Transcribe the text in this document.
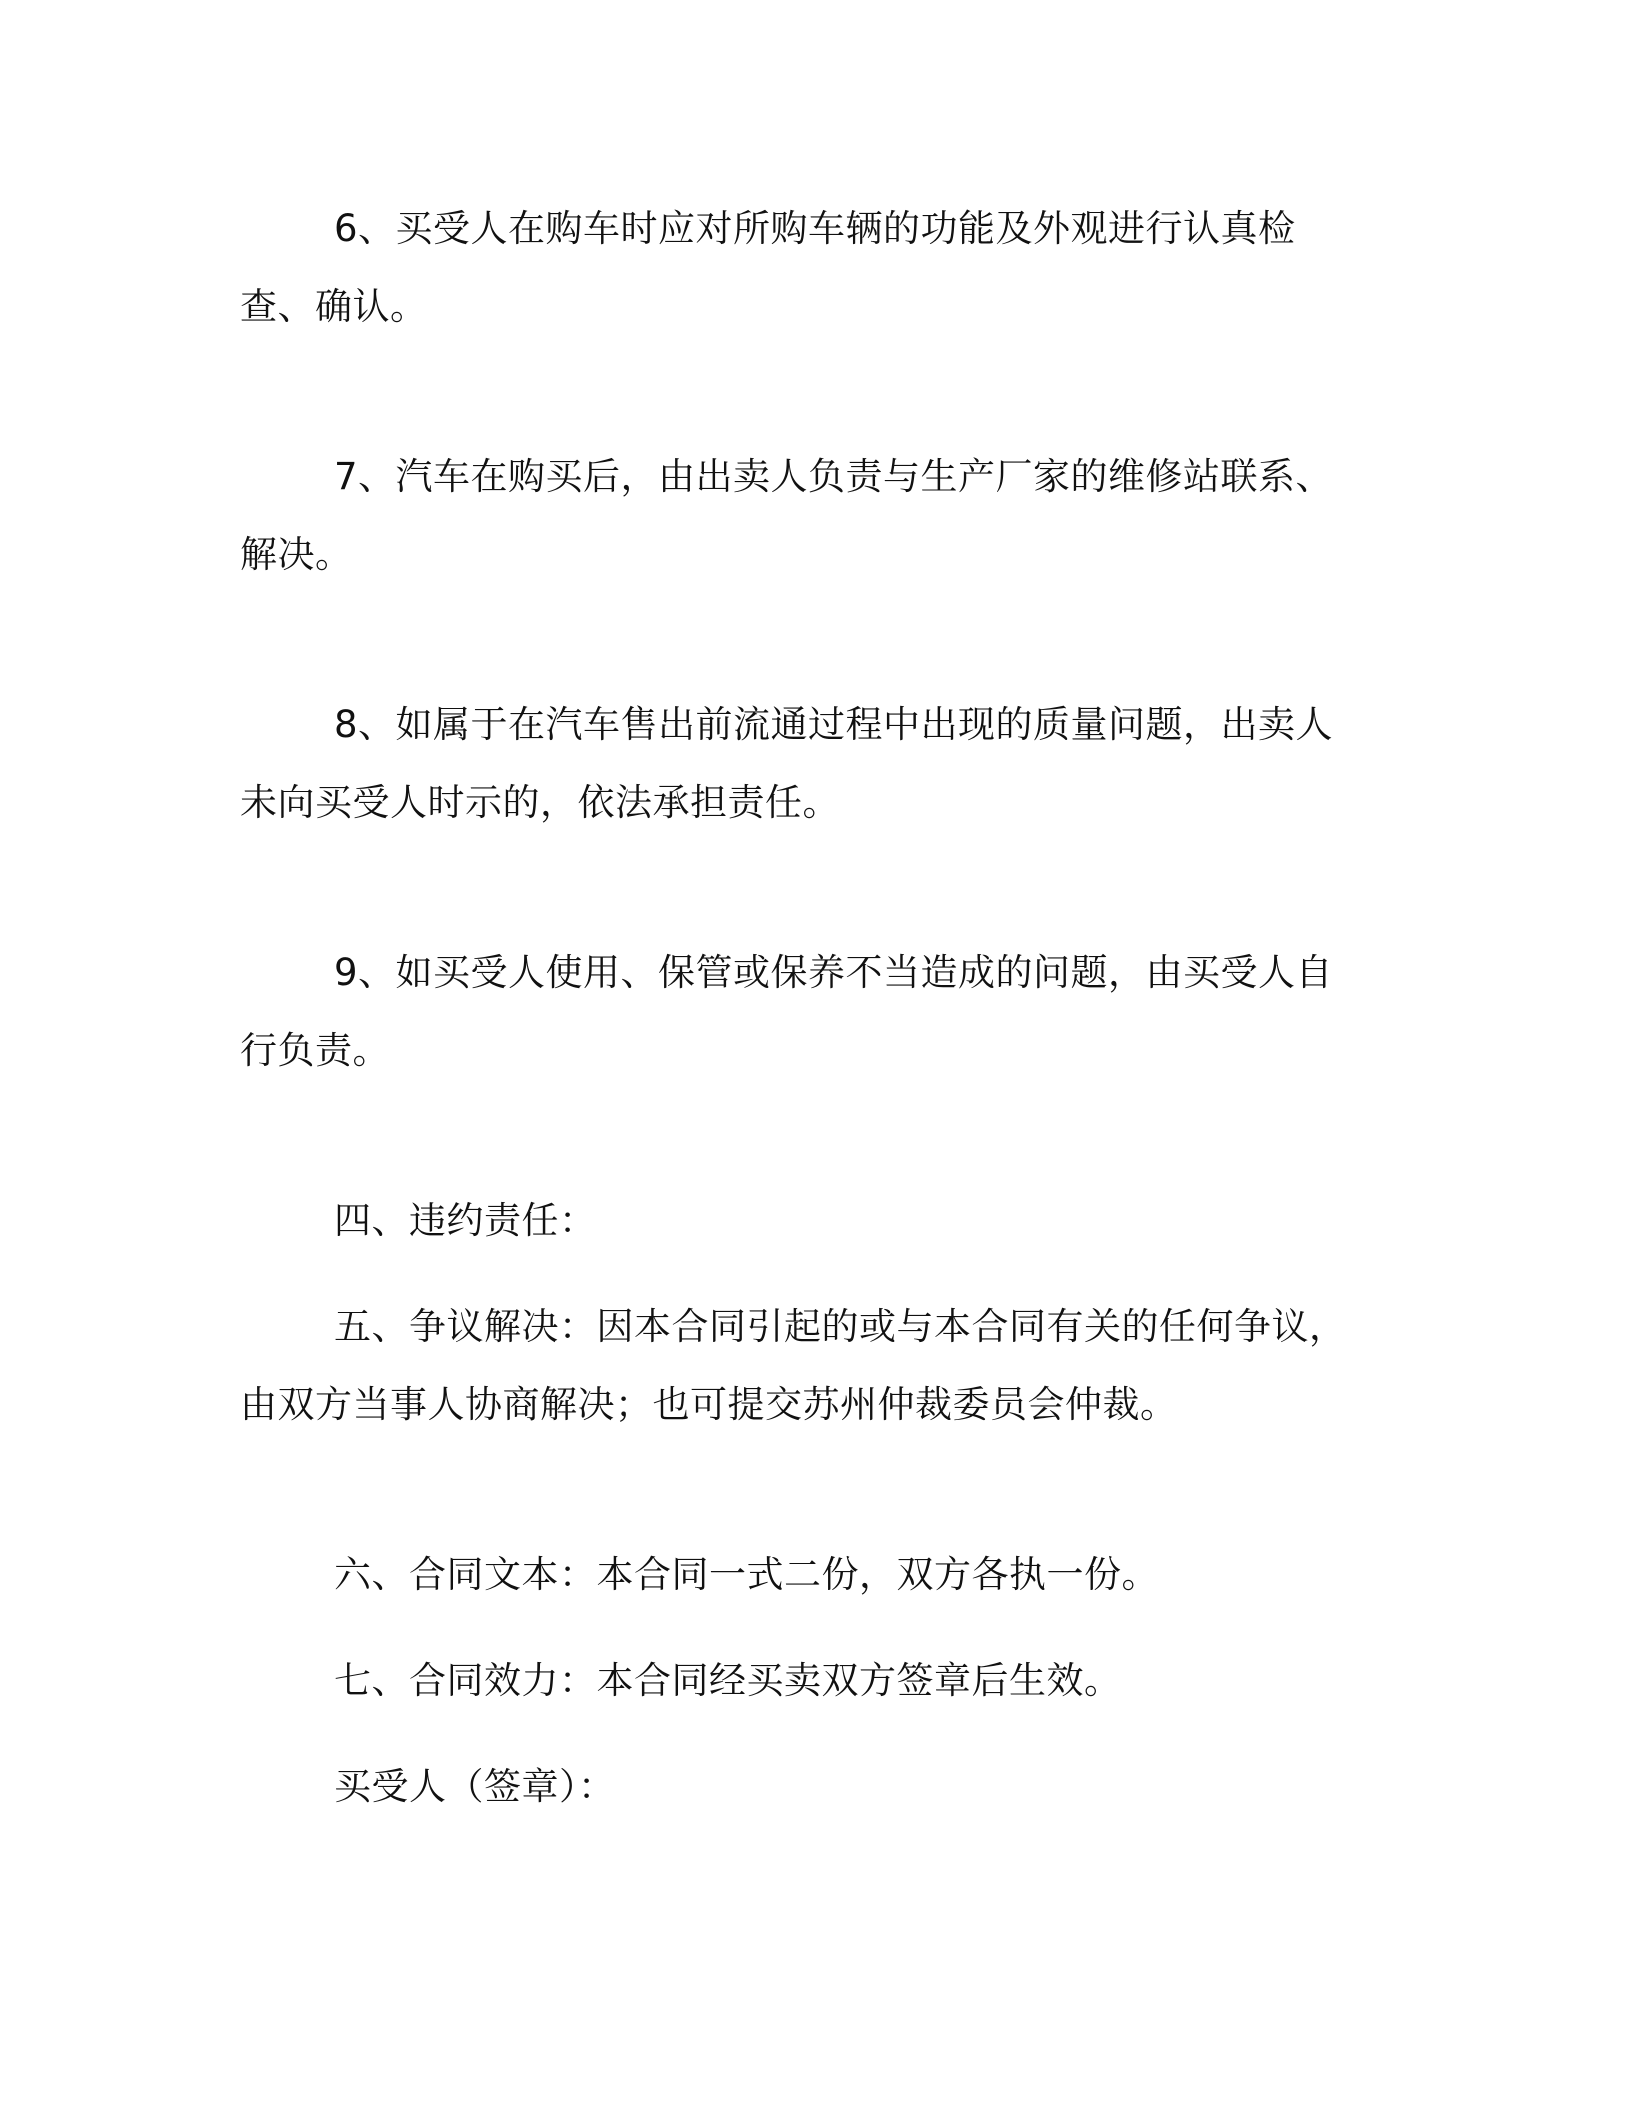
6、买受人在购车时应对所购车辆的功能及外观进行认真检查、确认。

7、汽车在购买后，由出卖人负责与生产厂家的维修站联系、解决。

8、如属于在汽车售出前流通过程中出现的质量问题，出卖人未向买受人时示的，依法承担责任。

9、如买受人使用、保管或保养不当造成的问题，由买受人自行负责。

四、违约责任：

五、争议解决：因本合同引起的或与本合同有关的任何争议，由双方当事人协商解决；也可提交苏州仲裁委员会仲裁。

六、合同文本：本合同一式二份，双方各执一份。

七、合同效力：本合同经买卖双方签章后生效。

买受人（签章）：
